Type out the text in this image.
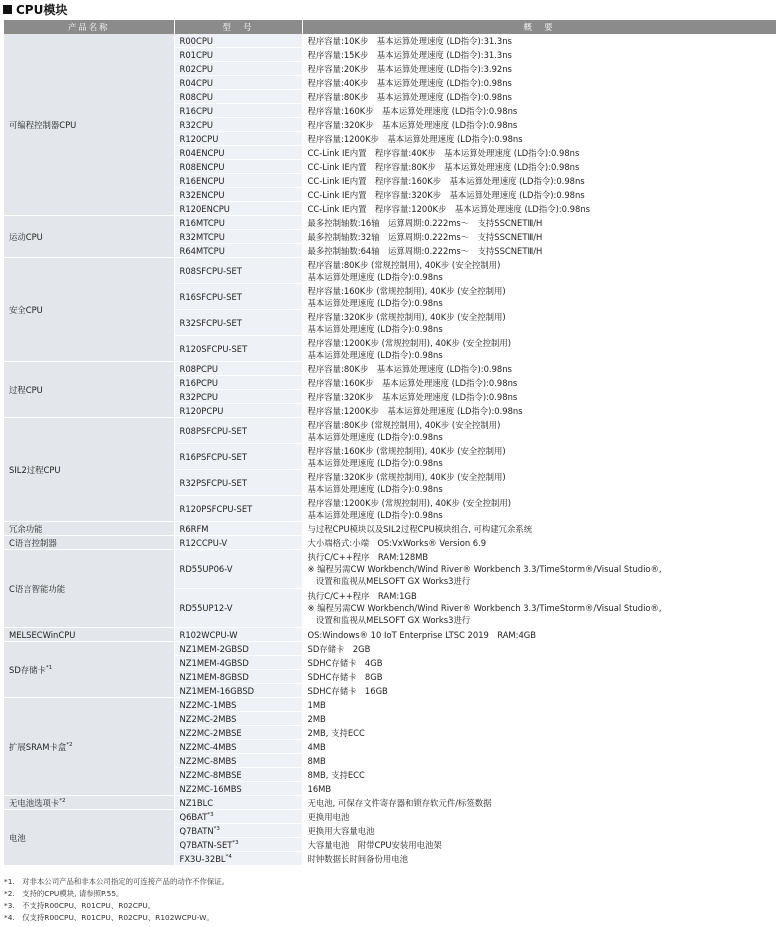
CPU模块
产品名称	型　号	概　要
可编程控制器CPU	R00CPU	程序容量:10K步　基本运算处理速度 (LD指令):31.3ns

	R01CPU	程序容量:15K步　基本运算处理速度 (LD指令):31.3ns

	R02CPU	程序容量:20K步　基本运算处理速度 (LD指令):3.92ns

	R04CPU	程序容量:40K步　基本运算处理速度 (LD指令):0.98ns

	R08CPU	程序容量:80K步　基本运算处理速度 (LD指令):0.98ns

	R16CPU	程序容量:160K步　基本运算处理速度 (LD指令):0.98ns

	R32CPU	程序容量:320K步　基本运算处理速度 (LD指令):0.98ns

	R120CPU	程序容量:1200K步　基本运算处理速度 (LD指令):0.98ns

	R04ENCPU	CC-Link IE内置　程序容量:40K步　基本运算处理速度 (LD指令):0.98ns

	R08ENCPU	CC-Link IE内置　程序容量:80K步　基本运算处理速度 (LD指令):0.98ns

	R16ENCPU	CC-Link IE内置　程序容量:160K步　基本运算处理速度 (LD指令):0.98ns

	R32ENCPU	CC-Link IE内置　程序容量:320K步　基本运算处理速度 (LD指令):0.98ns

	R120ENCPU	CC-Link IE内置　程序容量:1200K步　基本运算处理速度 (LD指令):0.98ns

运动CPU	R16MTCPU	最多控制轴数:16轴　运算周期:0.222ms～　支持SSCNETⅢ/H

	R32MTCPU	最多控制轴数:32轴　运算周期:0.222ms～　支持SSCNETⅢ/H

	R64MTCPU	最多控制轴数:64轴　运算周期:0.222ms～　支持SSCNETⅢ/H

安全CPU	R08SFCPU-SET	程序容量:80K步 (常规控制用), 40K步 (安全控制用)
基本运算处理速度 (LD指令):0.98ns

	R16SFCPU-SET	程序容量:160K步 (常规控制用), 40K步 (安全控制用)
基本运算处理速度 (LD指令):0.98ns

	R32SFCPU-SET	程序容量:320K步 (常规控制用), 40K步 (安全控制用)
基本运算处理速度 (LD指令):0.98ns

	R120SFCPU-SET	程序容量:1200K步 (常规控制用), 40K步 (安全控制用)
基本运算处理速度 (LD指令):0.98ns

过程CPU	R08PCPU	程序容量:80K步　基本运算处理速度 (LD指令):0.98ns

	R16PCPU	程序容量:160K步　基本运算处理速度 (LD指令):0.98ns

	R32PCPU	程序容量:320K步　基本运算处理速度 (LD指令):0.98ns

	R120PCPU	程序容量:1200K步　基本运算处理速度 (LD指令):0.98ns

SIL2过程CPU	R08PSFCPU-SET	程序容量:80K步 (常规控制用), 40K步 (安全控制用)
基本运算处理速度 (LD指令):0.98ns

	R16PSFCPU-SET	程序容量:160K步 (常规控制用), 40K步 (安全控制用)
基本运算处理速度 (LD指令):0.98ns

	R32PSFCPU-SET	程序容量:320K步 (常规控制用), 40K步 (安全控制用)
基本运算处理速度 (LD指令):0.98ns

	R120PSFCPU-SET	程序容量:1200K步 (常规控制用), 40K步 (安全控制用)
基本运算处理速度 (LD指令):0.98ns

冗余功能	R6RFM	与过程CPU模块以及SIL2过程CPU模块组合, 可构建冗余系统

C语言控制器	R12CCPU-V	大小端格式:小端　OS:VxWorks® Version 6.9

C语言智能功能	RD55UP06-V	执行C/C++程序　RAM:128MB
※ 编程另需CW Workbench/Wind River® Workbench 3.3/TimeStorm®/Visual Studio®,
　设置和监视从MELSOFT GX Works3进行

	RD55UP12-V	执行C/C++程序　RAM:1GB
※ 编程另需CW Workbench/Wind River® Workbench 3.3/TimeStorm®/Visual Studio®,
　设置和监视从MELSOFT GX Works3进行

MELSECWinCPU	R102WCPU-W	OS:Windows® 10 IoT Enterprise LTSC 2019　RAM:4GB

SD存储卡$^{*1}$	NZ1MEM-2GBSD	SD存储卡　2GB

	NZ1MEM-4GBSD	SDHC存储卡　4GB

	NZ1MEM-8GBSD	SDHC存储卡　8GB

	NZ1MEM-16GBSD	SDHC存储卡　16GB

扩展SRAM卡盒$^{*2}$	NZ2MC-1MBS	1MB

	NZ2MC-2MBS	2MB

	NZ2MC-2MBSE	2MB, 支持ECC

	NZ2MC-4MBS	4MB

	NZ2MC-8MBS	8MB

	NZ2MC-8MBSE	8MB, 支持ECC

	NZ2MC-16MBS	16MB

无电池选项卡$^{*2}$	NZ1BLC	无电池, 可保存文件寄存器和锁存软元件/标签数据

电池	Q6BAT$^{*3}$	更换用电池

	Q7BATN$^{*3}$	更换用大容量电池

	Q7BATN-SET$^{*3}$	大容量电池　附带CPU安装用电池架

	FX3U-32BL$^{*4}$	时钟数据长时间备份用电池
*1.　对非本公司产品和非本公司指定的可连接产品的动作不作保证。
*2.　支持的CPU模块, 请参照P.55。
*3.　不支持R00CPU、R01CPU、R02CPU。
*4.　仅支持R00CPU、R01CPU、R02CPU、R102WCPU-W。
